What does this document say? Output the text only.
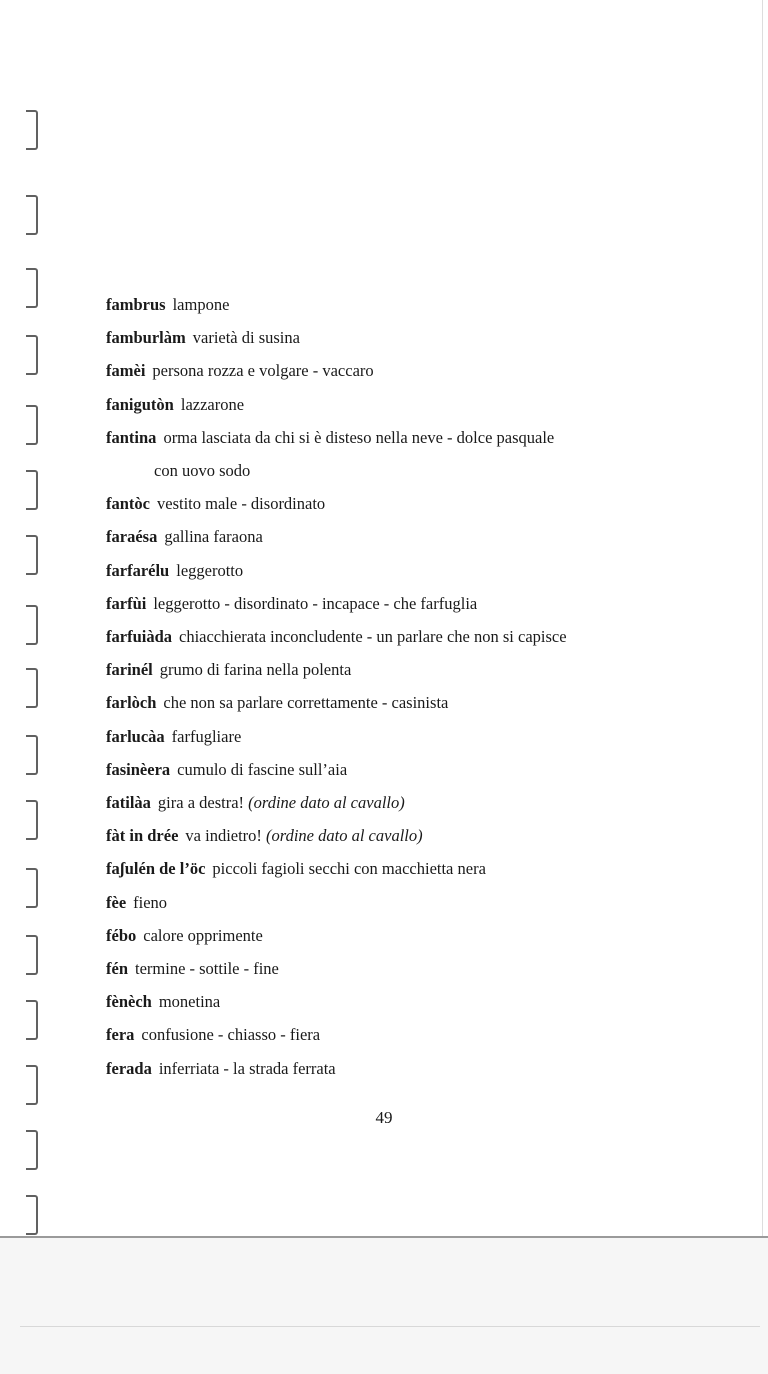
fambrus lampone
famburlàm varietà di susina
famèi persona rozza e volgare - vaccaro
fanigutòn lazzarone
fantina orma lasciata da chi si è disteso nella neve - dolce pasquale
con uovo sodo
fantòc vestito male - disordinato
faraésa gallina faraona
farfarélu leggerotto
farfùi leggerotto - disordinato - incapace - che farfuglia
farfuiàda chiacchierata inconcludente - un parlare che non si capisce
farinél grumo di farina nella polenta
farlòch che non sa parlare correttamente - casinista
farlucàa farfugliare
fasinèera cumulo di fascine sull’aia
fatilàa gira a destra! (ordine dato al cavallo)
fàt in drée va indietro! (ordine dato al cavallo)
faʃulén de l’öc piccoli fagioli secchi con macchietta nera
fèe fieno
fébo calore opprimente
fén termine - sottile - fine
fènèch monetina
fera confusione - chiasso - fiera
ferada inferriata - la strada ferrata
49
